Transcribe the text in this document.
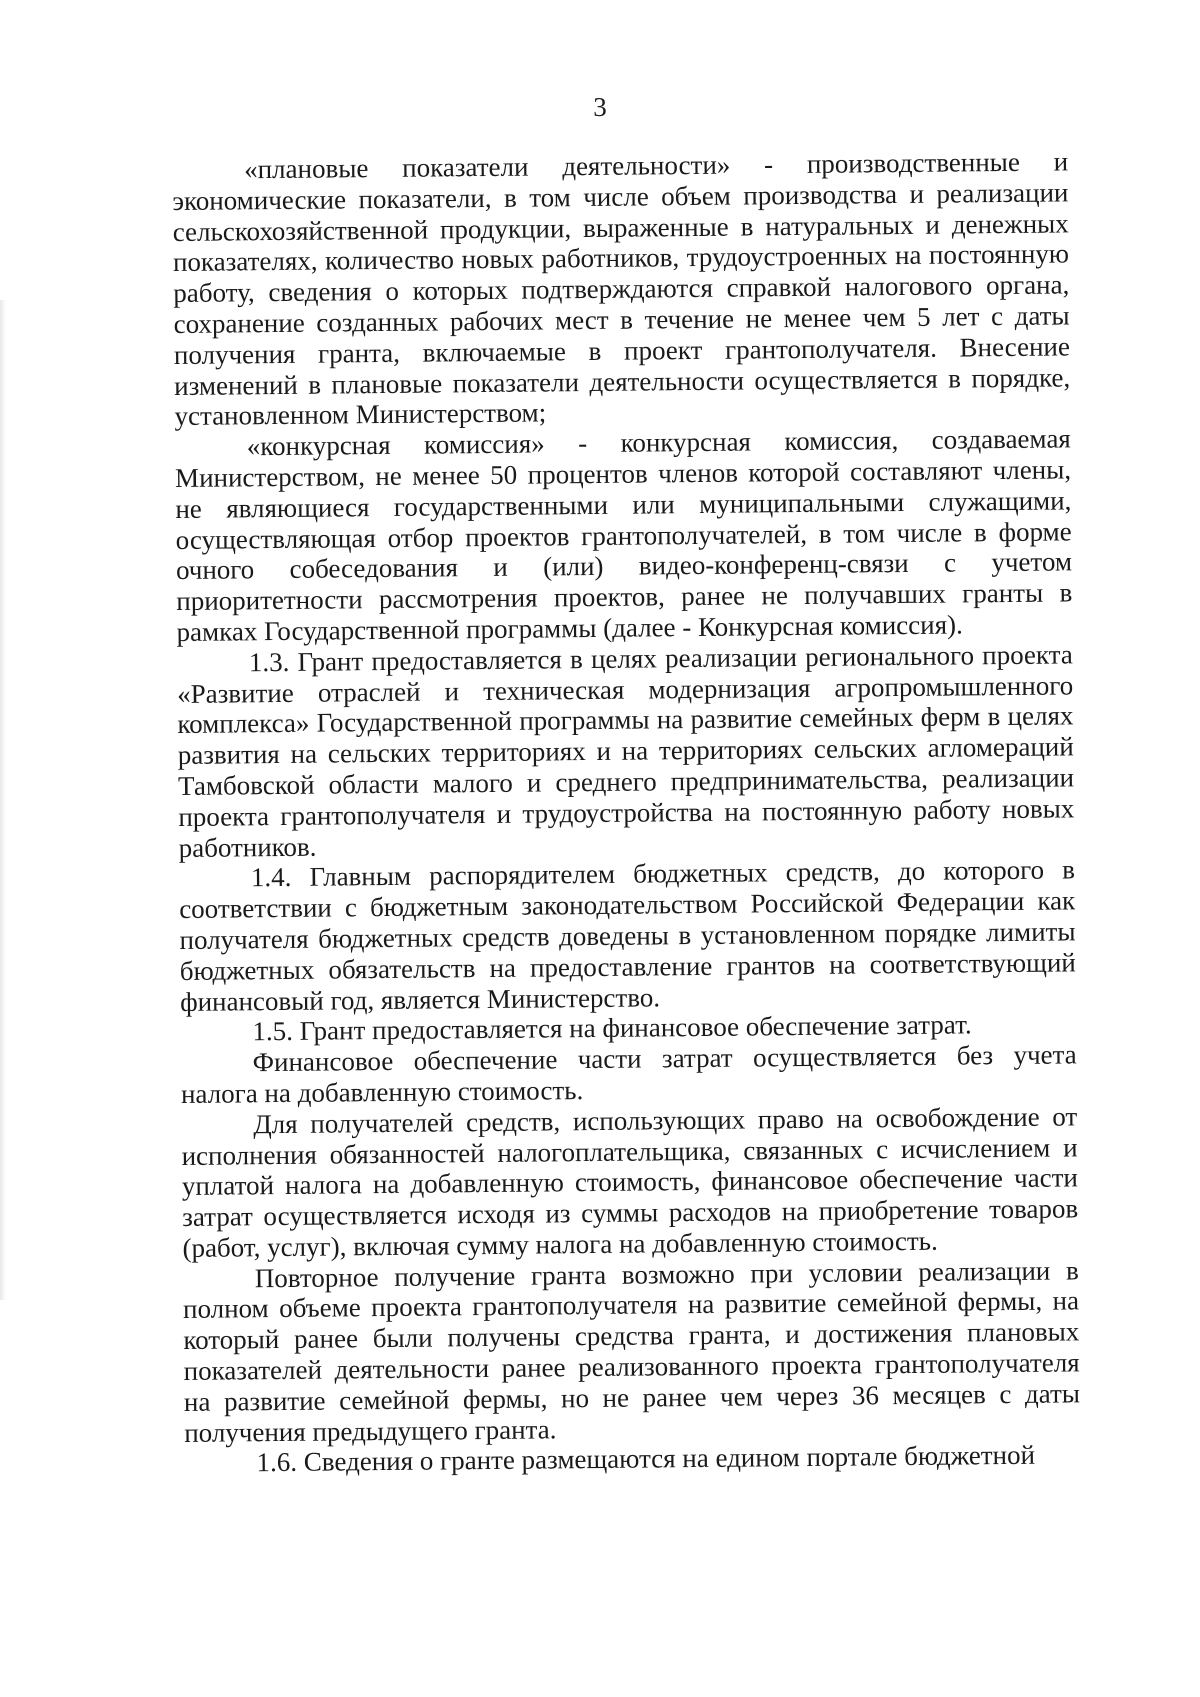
3

«плановые показатели деятельности» - производственные и экономические показатели, в том числе объем производства и реализации сельскохозяйственной продукции, выраженные в натуральных и денежных показателях, количество новых работников, трудоустроенных на постоянную работу, сведения о которых подтверждаются справкой налогового органа, сохранение созданных рабочих мест в течение не менее чем 5 лет с даты получения гранта, включаемые в проект грантополучателя. Внесение изменений в плановые показатели деятельности осуществляется в порядке, установленном Министерством;

«конкурсная комиссия» - конкурсная комиссия, создаваемая Министерством, не менее 50 процентов членов которой составляют члены, не являющиеся государственными или муниципальными служащими, осуществляющая отбор проектов грантополучателей, в том числе в форме очного собеседования и (или) видео-конференц-связи с учетом приоритетности рассмотрения проектов, ранее не получавших гранты в рамках Государственной программы (далее - Конкурсная комиссия).

1.3. Грант предоставляется в целях реализации регионального проекта «Развитие отраслей и техническая модернизация агропромышленного комплекса» Государственной программы на развитие семейных ферм в целях развития на сельских территориях и на территориях сельских агломераций Тамбовской области малого и среднего предпринимательства, реализации проекта грантополучателя и трудоустройства на постоянную работу новых работников.

1.4. Главным распорядителем бюджетных средств, до которого в соответствии с бюджетным законодательством Российской Федерации как получателя бюджетных средств доведены в установленном порядке лимиты бюджетных обязательств на предоставление грантов на соответствующий финансовый год, является Министерство.

1.5. Грант предоставляется на финансовое обеспечение затрат.

Финансовое обеспечение части затрат осуществляется без учета налога на добавленную стоимость.

Для получателей средств, использующих право на освобождение от исполнения обязанностей налогоплательщика, связанных с исчислением и уплатой налога на добавленную стоимость, финансовое обеспечение части затрат осуществляется исходя из суммы расходов на приобретение товаров (работ, услуг), включая сумму налога на добавленную стоимость.

Повторное получение гранта возможно при условии реализации в полном объеме проекта грантополучателя на развитие семейной фермы, на который ранее были получены средства гранта, и достижения плановых показателей деятельности ранее реализованного проекта грантополучателя на развитие семейной фермы, но не ранее чем через 36 месяцев с даты получения предыдущего гранта.

1.6. Сведения о гранте размещаются на едином портале бюджетной
